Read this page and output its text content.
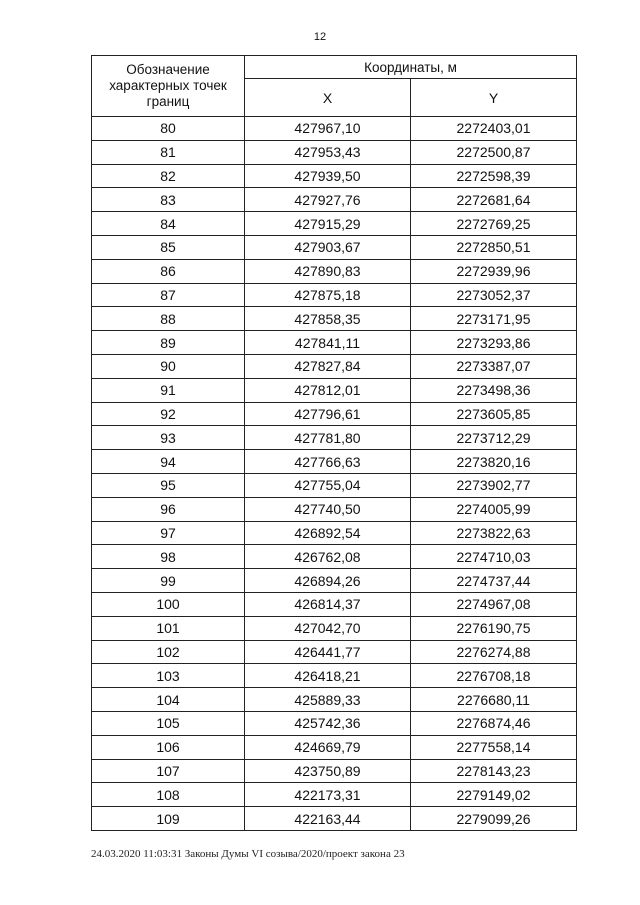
12
Обозначение характерных точек границ	Координаты, м	
	X	Y
80	427967,10	2272403,01
81	427953,43	2272500,87
82	427939,50	2272598,39
83	427927,76	2272681,64
84	427915,29	2272769,25
85	427903,67	2272850,51
86	427890,83	2272939,96
87	427875,18	2273052,37
88	427858,35	2273171,95
89	427841,11	2273293,86
90	427827,84	2273387,07
91	427812,01	2273498,36
92	427796,61	2273605,85
93	427781,80	2273712,29
94	427766,63	2273820,16
95	427755,04	2273902,77
96	427740,50	2274005,99
97	426892,54	2273822,63
98	426762,08	2274710,03
99	426894,26	2274737,44
100	426814,37	2274967,08
101	427042,70	2276190,75
102	426441,77	2276274,88
103	426418,21	2276708,18
104	425889,33	2276680,11
105	425742,36	2276874,46
106	424669,79	2277558,14
107	423750,89	2278143,23
108	422173,31	2279149,02
109	422163,44	2279099,26
24.03.2020 11:03:31 Законы Думы VI созыва/2020/проект закона 23
